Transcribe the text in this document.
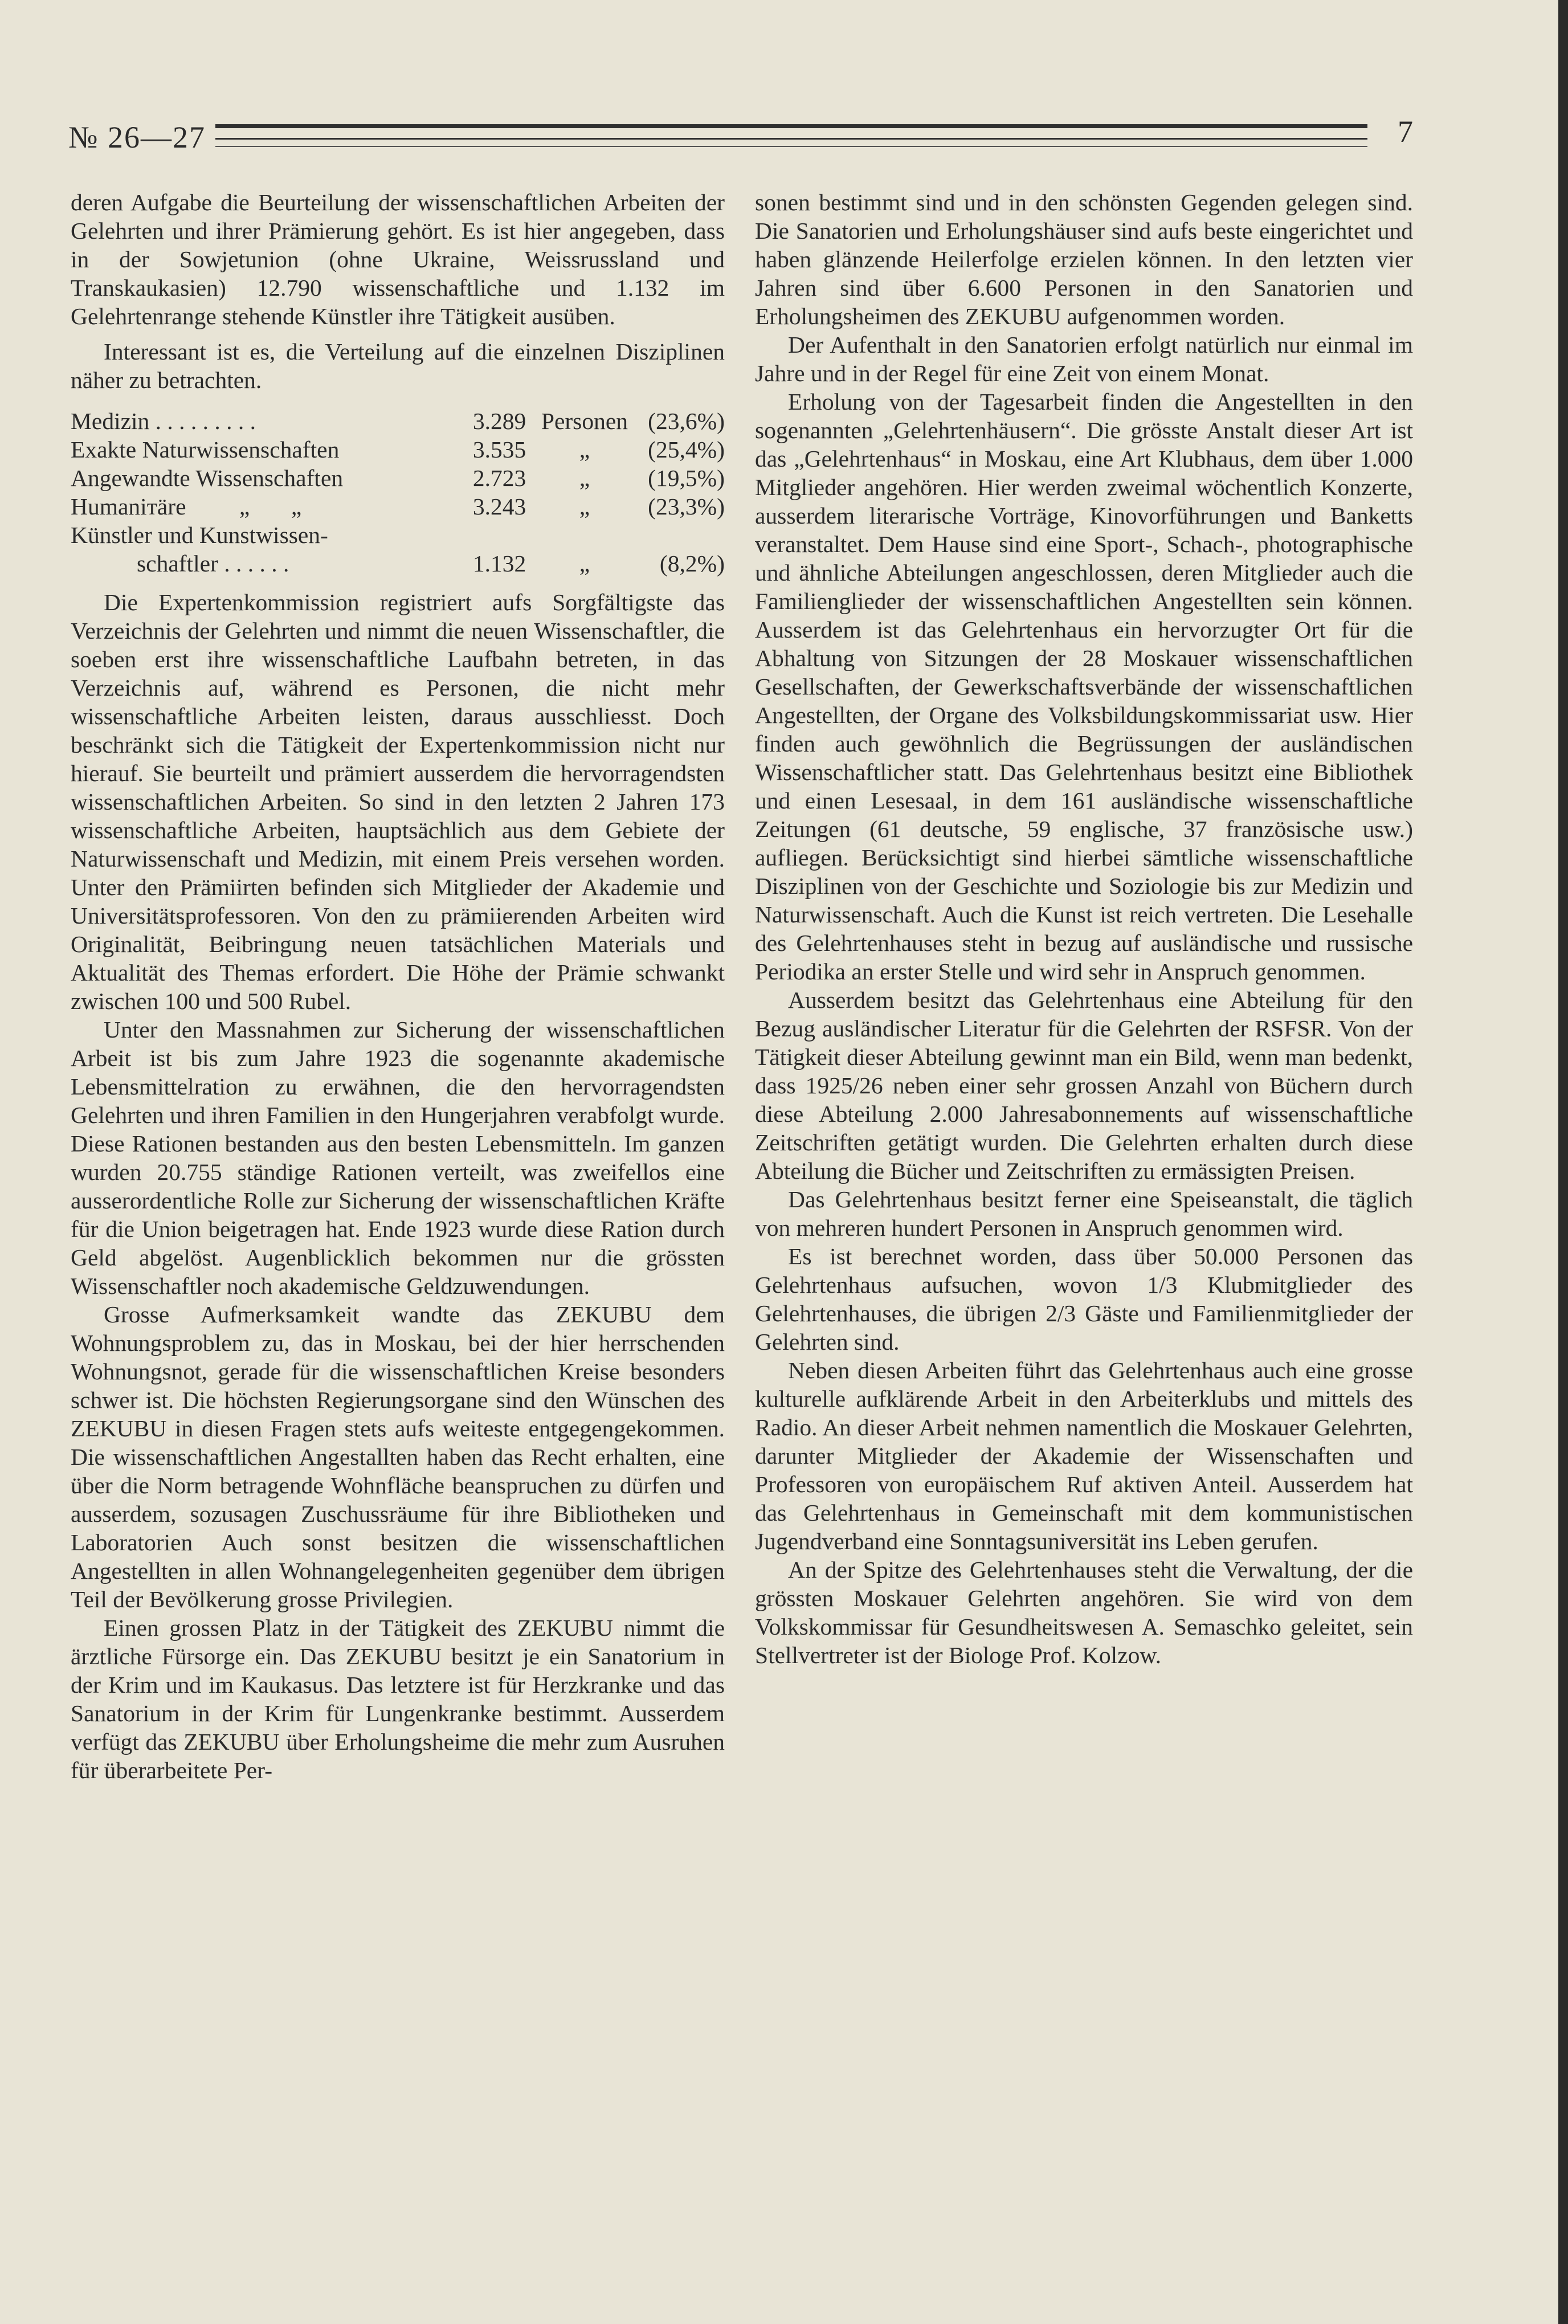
№ 26—27	7

deren Aufgabe die Beurteilung der wissenschaftlichen Arbeiten der Gelehrten und ihrer Prämierung gehört. Es ist hier angegeben, dass in der Sowjetunion (ohne Ukraine, Weissrussland und Transkaukasien) 12.790 wissenschaftliche und 1.132 im Gelehrtenrange stehende Künstler ihre Tätigkeit ausüben.

Interessant ist es, die Verteilung auf die einzelnen Disziplinen näher zu betrachten.

Medizin . . . . . . . . .	3.289	Personen	(23,6%)
Exakte Naturwissenschaften	3.535	„	(25,4%)
Angewandte Wissenschaften	2.723	„	(19,5%)
Humaniтäre         „       „	3.243	„	(23,3%)
Künstler und Kunstwissen-			
schaftler . . . . . .	1.132	„	(8,2%)

Die Expertenkommission registriert aufs Sorgfältigste das Verzeichnis der Gelehrten und nimmt die neuen Wissenschaftler, die soeben erst ihre wissenschaftliche Laufbahn betreten, in das Verzeichnis auf, während es Personen, die nicht mehr wissenschaftliche Arbeiten leisten, daraus ausschliesst. Doch beschränkt sich die Tätigkeit der Expertenkommission nicht nur hierauf. Sie beurteilt und prämiert ausserdem die hervorragendsten wissenschaftlichen Arbeiten. So sind in den letzten 2 Jahren 173 wissenschaftliche Arbeiten, hauptsächlich aus dem Gebiete der Naturwissenschaft und Medizin, mit einem Preis versehen worden. Unter den Prämiirten befinden sich Mitglieder der Akademie und Universitätsprofessoren. Von den zu prämiierenden Arbeiten wird Originalität, Beibringung neuen tatsächlichen Materials und Aktualität des Themas erfordert. Die Höhe der Prämie schwankt zwischen 100 und 500 Rubel.

Unter den Massnahmen zur Sicherung der wissenschaftlichen Arbeit ist bis zum Jahre 1923 die sogenannte akademische Lebensmittelration zu erwähnen, die den hervorragendsten Gelehrten und ihren Familien in den Hungerjahren verabfolgt wurde. Diese Rationen bestanden aus den besten Lebensmitteln. Im ganzen wurden 20.755 ständige Rationen verteilt, was zweifellos eine ausserordentliche Rolle zur Sicherung der wissenschaftlichen Kräfte für die Union beigetragen hat. Ende 1923 wurde diese Ration durch Geld abgelöst. Augenblicklich bekommen nur die grössten Wissenschaftler noch akademische Geldzuwendungen.

Grosse Aufmerksamkeit wandte das ZEKUBU dem Wohnungsproblem zu, das in Moskau, bei der hier herrschenden Wohnungsnot, gerade für die wissenschaftlichen Kreise besonders schwer ist. Die höchsten Regierungsorgane sind den Wünschen des ZEKUBU in diesen Fragen stets aufs weiteste entgegengekommen. Die wissenschaftlichen Angestallten haben das Recht erhalten, eine über die Norm betragende Wohnfläche beanspruchen zu dürfen und ausserdem, sozusagen Zuschussräume für ihre Bibliotheken und Laboratorien Auch sonst besitzen die wissenschaftlichen Angestellten in allen Wohnangelegenheiten gegenüber dem übrigen Teil der Bevölkerung grosse Privilegien.

Einen grossen Platz in der Tätigkeit des ZEKUBU nimmt die ärztliche Fürsorge ein. Das ZEKUBU besitzt je ein Sanatorium in der Krim und im Kaukasus. Das letztere ist für Herzkranke und das Sanatorium in der Krim für Lungenkranke bestimmt. Ausserdem verfügt das ZEKUBU über Erholungsheime die mehr zum Ausruhen für überarbeitete Per-

sonen bestimmt sind und in den schönsten Gegenden gelegen sind. Die Sanatorien und Erholungshäuser sind aufs beste eingerichtet und haben glänzende Heilerfolge erzielen können. In den letzten vier Jahren sind über 6.600 Personen in den Sanatorien und Erholungsheimen des ZEKUBU aufgenommen worden.

Der Aufenthalt in den Sanatorien erfolgt natürlich nur einmal im Jahre und in der Regel für eine Zeit von einem Monat.

Erholung von der Tagesarbeit finden die Angestellten in den sogenannten „Gelehrtenhäusern“. Die grösste Anstalt dieser Art ist das „Gelehrtenhaus“ in Moskau, eine Art Klubhaus, dem über 1.000 Mitglieder angehören. Hier werden zweimal wöchentlich Konzerte, ausserdem literarische Vorträge, Kinovorführungen und Banketts veranstaltet. Dem Hause sind eine Sport-, Schach-, photographische und ähnliche Abteilungen angeschlossen, deren Mitglieder auch die Familienglieder der wissenschaftlichen Angestellten sein können. Ausserdem ist das Gelehrtenhaus ein hervorzugter Ort für die Abhaltung von Sitzungen der 28 Moskauer wissenschaftlichen Gesellschaften, der Gewerkschaftsverbände der wissenschaftlichen Angestellten, der Organe des Volksbildungskommissariat usw. Hier finden auch gewöhnlich die Begrüssungen der ausländischen Wissenschaftlicher statt. Das Gelehrtenhaus besitzt eine Bibliothek und einen Lesesaal, in dem 161 ausländische wissenschaftliche Zeitungen (61 deutsche, 59 englische, 37 französische usw.) aufliegen. Berücksichtigt sind hierbei sämtliche wissenschaftliche Disziplinen von der Geschichte und Soziologie bis zur Medizin und Naturwissenschaft. Auch die Kunst ist reich vertreten. Die Lesehalle des Gelehrtenhauses steht in bezug auf ausländische und russische Periodika an erster Stelle und wird sehr in Anspruch genommen.

Ausserdem besitzt das Gelehrtenhaus eine Abteilung für den Bezug ausländischer Literatur für die Gelehrten der RSFSR. Von der Tätigkeit dieser Abteilung gewinnt man ein Bild, wenn man bedenkt, dass 1925/26 neben einer sehr grossen Anzahl von Büchern durch diese Abteilung 2.000 Jahresabonnements auf wissenschaftliche Zeitschriften getätigt wurden. Die Gelehrten erhalten durch diese Abteilung die Bücher und Zeitschriften zu ermässigten Preisen.

Das Gelehrtenhaus besitzt ferner eine Speiseanstalt, die täglich von mehreren hundert Personen in Anspruch genommen wird.

Es ist berechnet worden, dass über 50.000 Personen das Gelehrtenhaus aufsuchen, wovon 1/3 Klubmitglieder des Gelehrtenhauses, die übrigen 2/3 Gäste und Familienmitglieder der Gelehrten sind.

Neben diesen Arbeiten führt das Gelehrtenhaus auch eine grosse kulturelle aufklärende Arbeit in den Arbeiterklubs und mittels des Radio. An dieser Arbeit nehmen namentlich die Moskauer Gelehrten, darunter Mitglieder der Akademie der Wissenschaften und Professoren von europäischem Ruf aktiven Anteil. Ausserdem hat das Gelehrtenhaus in Gemeinschaft mit dem kommunistischen Jugendverband eine Sonntagsuniversität ins Leben gerufen.

An der Spitze des Gelehrtenhauses steht die Verwaltung, der die grössten Moskauer Gelehrten angehören. Sie wird von dem Volkskommissar für Gesundheitswesen A. Semaschko geleitet, sein Stellvertreter ist der Biologe Prof. Kolzow.
